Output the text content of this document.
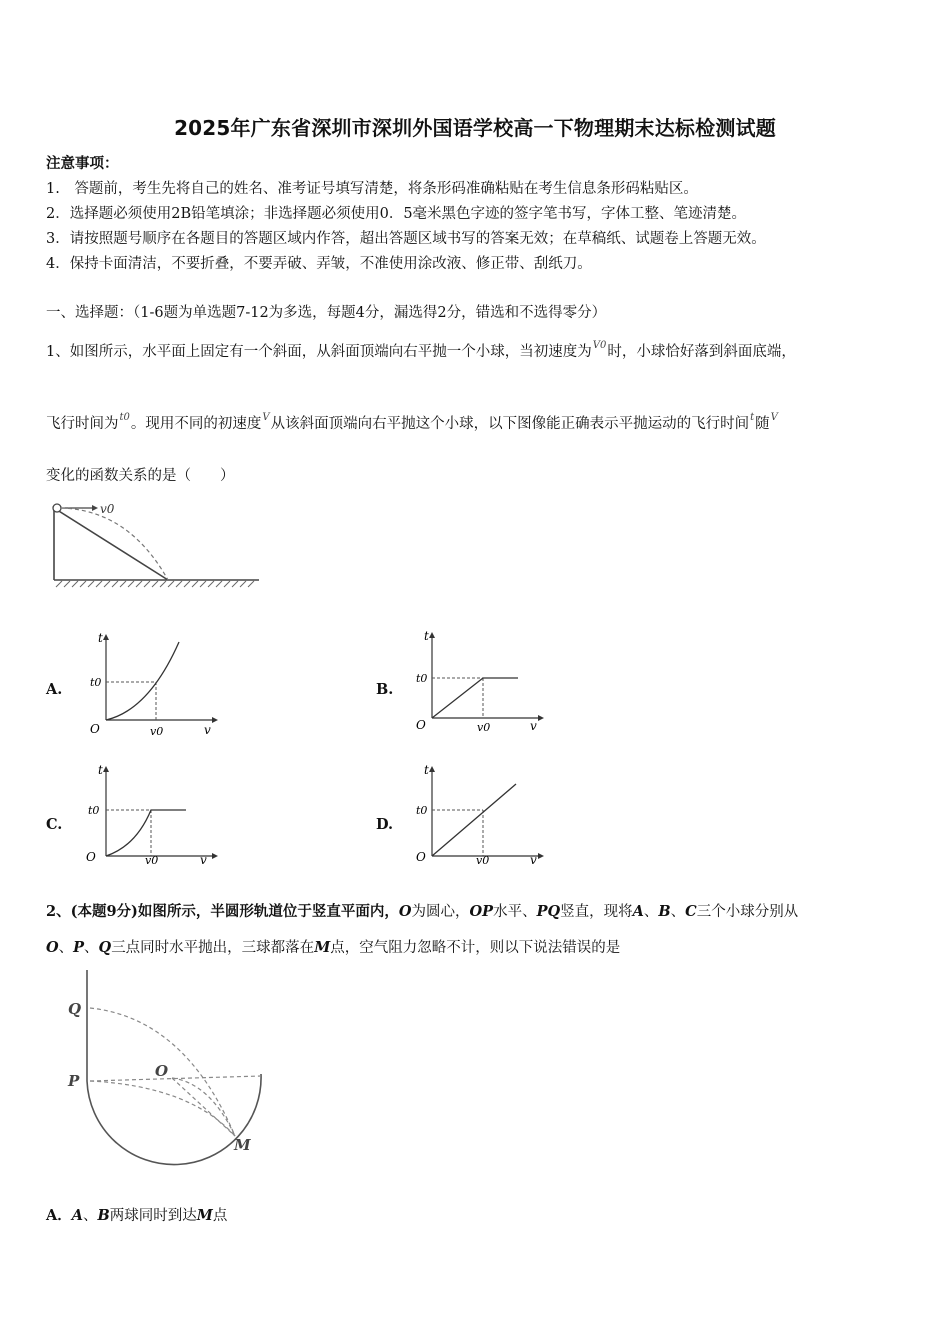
2025年广东省深圳市深圳外国语学校高一下物理期末达标检测试题
注意事项：
1.　答题前，考生先将自己的姓名、准考证号填写清楚，将条形码准确粘贴在考生信息条形码粘贴区。
2．选择题必须使用2B铅笔填涂；非选择题必须使用0．5毫米黑色字迹的签字笔书写，字体工整、笔迹清楚。
3．请按照题号顺序在各题目的答题区域内作答，超出答题区域书写的答案无效；在草稿纸、试题卷上答题无效。
4．保持卡面清洁，不要折叠，不要弄破、弄皱，不准使用涂改液、修正带、刮纸刀。
一、选择题：（1-6题为单选题7-12为多选，每题4分，漏选得2分，错选和不选得零分）
1、如图所示，水平面上固定有一个斜面，从斜面顶端向右平抛一个小球，当初速度为$^{V0}$时，小球恰好落到斜面底端，
飞行时间为$^{t0}$。现用不同的初速度$^V$从该斜面顶端向右平抛这个小球，以下图像能正确表示平抛运动的飞行时间$^t$随$^V$
变化的函数关系的是（　　）
v0
A.
t
t0
O	v0	v
B.
t
t0
O	v0	v
C.
t
t0
O	v0	v
D.
t
t0
O	v0	v
2、(本题9分)如图所示，半圆形轨道位于竖直平面内，O为圆心，OP水平、PQ竖直，现将A、B、C三个小球分别从
O、P、Q三点同时水平抛出，三球都落在M点，空气阻力忽略不计，则以下说法错误的是
Q
P
O
M
A．A、B两球同时到达M点
